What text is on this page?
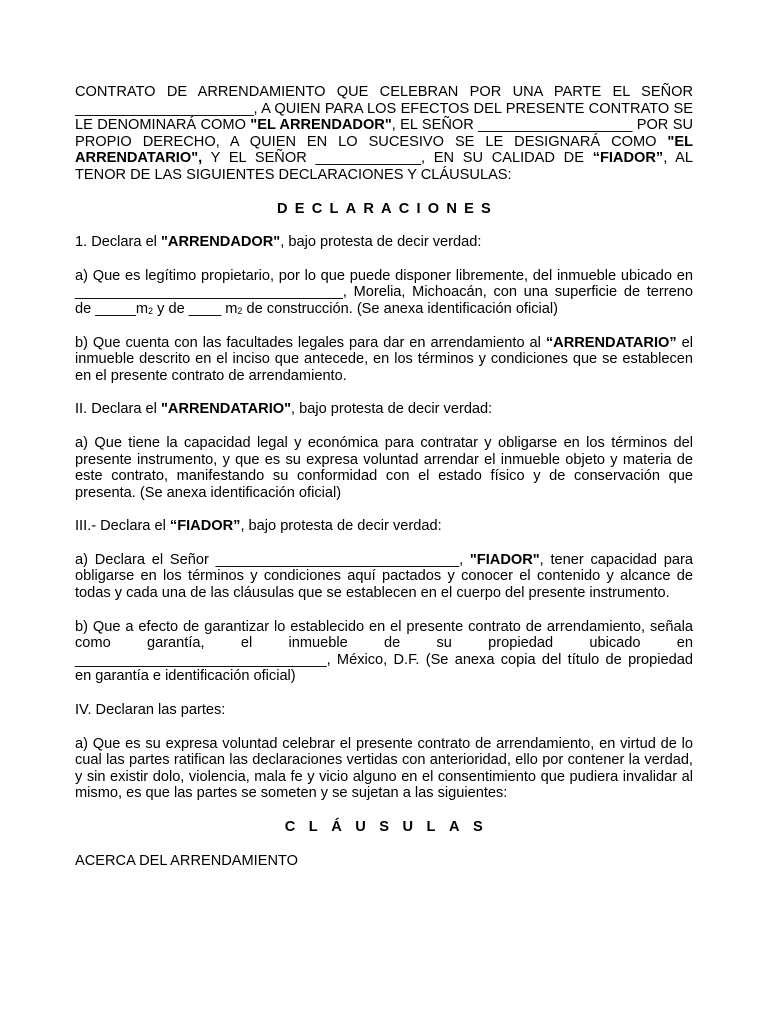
CONTRATO DE ARRENDAMIENTO QUE CELEBRAN POR UNA PARTE EL SEÑOR ______________________, A QUIEN PARA LOS EFECTOS DEL PRESENTE CONTRATO SE LE DENOMINARÁ COMO "EL ARRENDADOR", EL SEÑOR ___________________ POR SU PROPIO DERECHO, A QUIEN EN LO SUCESIVO SE LE DESIGNARÁ COMO "EL ARRENDATARIO", Y EL SEÑOR _____________, EN SU CALIDAD DE “FIADOR”, AL TENOR DE LAS SIGUIENTES DECLARACIONES Y CLÁUSULAS:

DECLARACIONES

1. Declara el "ARRENDADOR", bajo protesta de decir verdad:

a) Que es legítimo propietario, por lo que puede disponer libremente, del inmueble ubicado en _________________________________, Morelia, Michoacán, con una superficie de terreno de $\_\_\_\_\_m_2$ y de ____ $m_2$ de construcción. (Se anexa identificación oficial)

b) Que cuenta con las facultades legales para dar en arrendamiento al “ARRENDATARIO” el inmueble descrito en el inciso que antecede, en los términos y condiciones que se establecen en el presente contrato de arrendamiento.

II. Declara el "ARRENDATARIO", bajo protesta de decir verdad:

a) Que tiene la capacidad legal y económica para contratar y obligarse en los términos del presente instrumento, y que es su expresa voluntad arrendar el inmueble objeto y materia de este contrato, manifestando su conformidad con el estado físico y de conservación que presenta. (Se anexa identificación oficial)

III.- Declara el “FIADOR”, bajo protesta de decir verdad:

a) Declara el Señor ______________________________, "FIADOR", tener capacidad para obligarse en los términos y condiciones aquí pactados y conocer el contenido y alcance de todas y cada una de las cláusulas que se establecen en el cuerpo del presente instrumento.

b) Que a efecto de garantizar lo establecido en el presente contrato de arrendamiento, señala como garantía, el inmueble de su propiedad ubicado en _______________________________, México, D.F. (Se anexa copia del título de propiedad en garantía e identificación oficial)

IV. Declaran las partes:

a) Que es su expresa voluntad celebrar el presente contrato de arrendamiento, en virtud de lo cual las partes ratifican las declaraciones vertidas con anterioridad, ello por contener la verdad, y sin existir dolo, violencia, mala fe y vicio alguno en el consentimiento que pudiera invalidar al mismo, es que las partes se someten y se sujetan a las siguientes:

CLÁUSULAS

ACERCA DEL ARRENDAMIENTO
